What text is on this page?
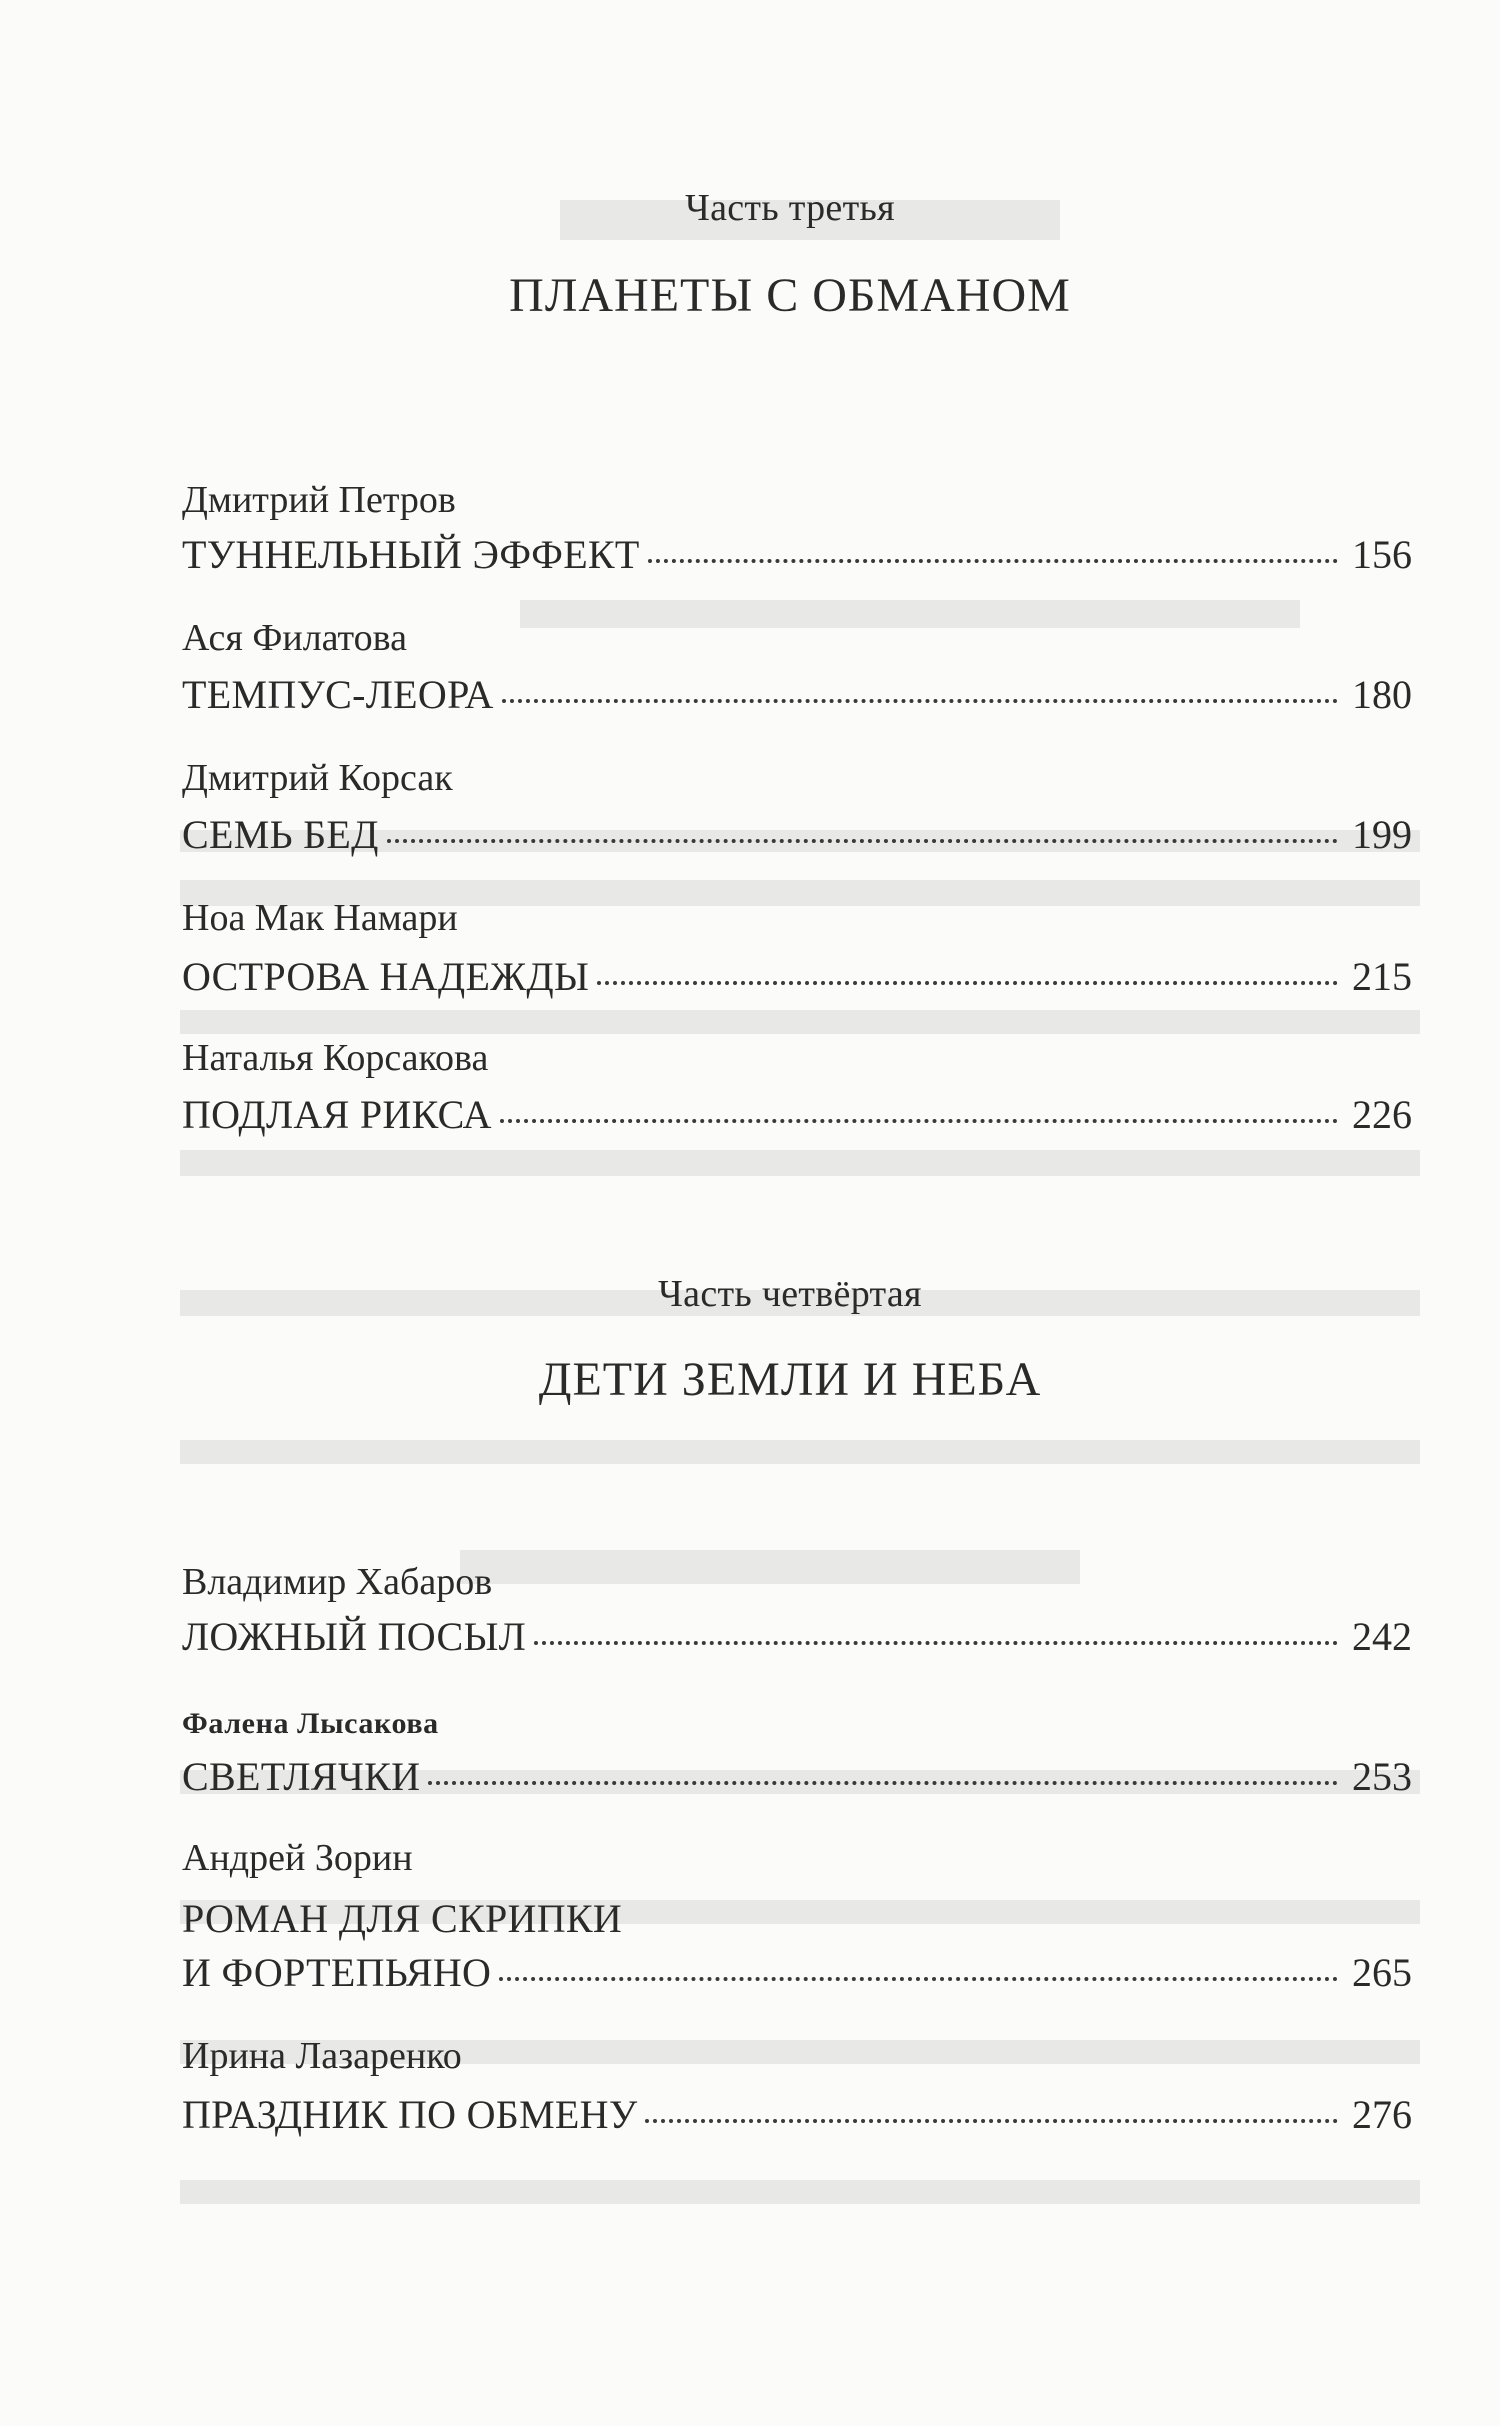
Часть третья
ПЛАНЕТЫ С ОБМАНОМ
Дмитрий Петров
ТУННЕЛЬНЫЙ ЭФФЕКТ	156
Ася Филатова
ТЕМПУС-ЛЕОРА	180
Дмитрий Корсак
СЕМЬ БЕД	199
Ноа Мак Намари
ОСТРОВА НАДЕЖДЫ	215
Наталья Корсакова
ПОДЛАЯ РИКСА	226
Часть четвёртая
ДЕТИ ЗЕМЛИ И НЕБА
Владимир Хабаров
ЛОЖНЫЙ ПОСЫЛ	242
Фалена Лысакова
СВЕТЛЯЧКИ	253
Андрей Зорин
РОМАН ДЛЯ СКРИПКИ
И ФОРТЕПЬЯНО	265
Ирина Лазаренко
ПРАЗДНИК ПО ОБМЕНУ	276
